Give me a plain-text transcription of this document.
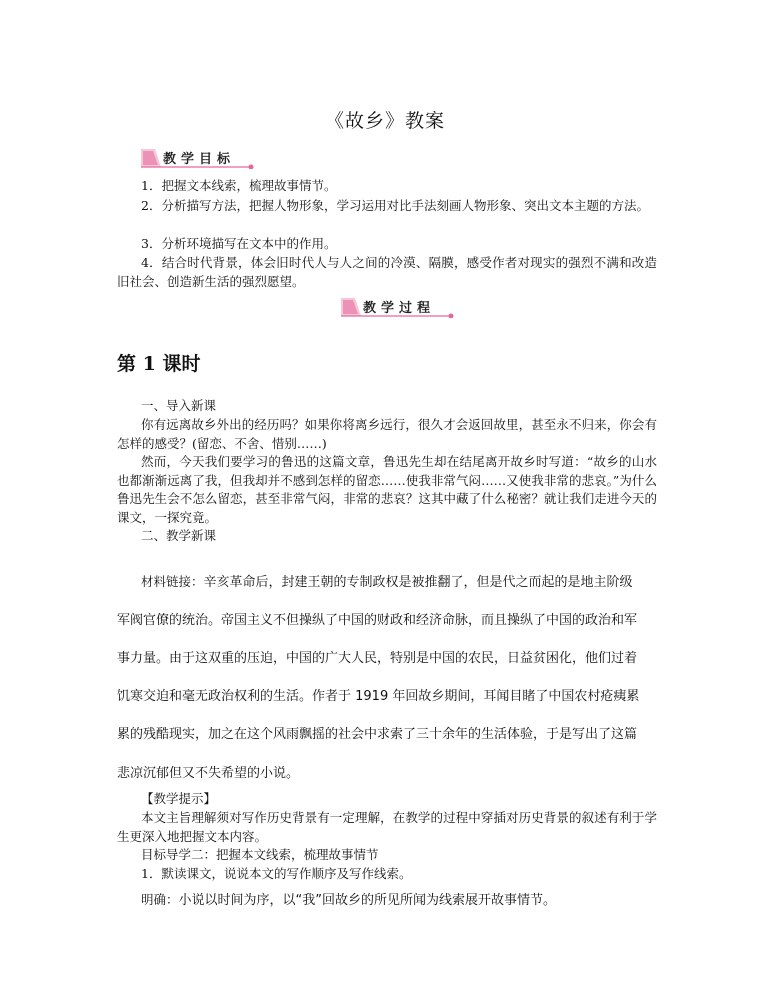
《故乡》教案
教学目标
1．把握文本线索，梳理故事情节。
2．分析描写方法，把握人物形象，学习运用对比手法刻画人物形象、突出文本主题的方法。
3．分析环境描写在文本中的作用。
4．结合时代背景，体会旧时代人与人之间的冷漠、隔膜，感受作者对现实的强烈不满和改造旧社会、创造新生活的强烈愿望。
教学过程
第 1 课时
一、导入新课
你有远离故乡外出的经历吗？如果你将离乡远行，很久才会返回故里，甚至永不归来，你会有怎样的感受？(留恋、不舍、惜别……)
然而，今天我们要学习的鲁迅的这篇文章，鲁迅先生却在结尾离开故乡时写道：“故乡的山水也都渐渐远离了我，但我却并不感到怎样的留恋……使我非常气闷……又使我非常的悲哀。”为什么鲁迅先生会不怎么留恋，甚至非常气闷，非常的悲哀？这其中藏了什么秘密？就让我们走进今天的课文，一探究竟。
二、教学新课
材料链接：辛亥革命后，封建王朝的专制政权是被推翻了，但是代之而起的是地主阶级
军阀官僚的统治。帝国主义不但操纵了中国的财政和经济命脉，而且操纵了中国的政治和军
事力量。由于这双重的压迫，中国的广大人民，特别是中国的农民，日益贫困化，他们过着
饥寒交迫和毫无政治权利的生活。作者于 1919 年回故乡期间，耳闻目睹了中国农村疮痍累
累的残酷现实，加之在这个风雨飘摇的社会中求索了三十余年的生活体验，于是写出了这篇
悲凉沉郁但又不失希望的小说。
【教学提示】
本文主旨理解须对写作历史背景有一定理解，在教学的过程中穿插对历史背景的叙述有利于学生更深入地把握文本内容。
目标导学二：把握本文线索，梳理故事情节
1．默读课文，说说本文的写作顺序及写作线索。
明确：小说以时间为序，以“我”回故乡的所见所闻为线索展开故事情节。
